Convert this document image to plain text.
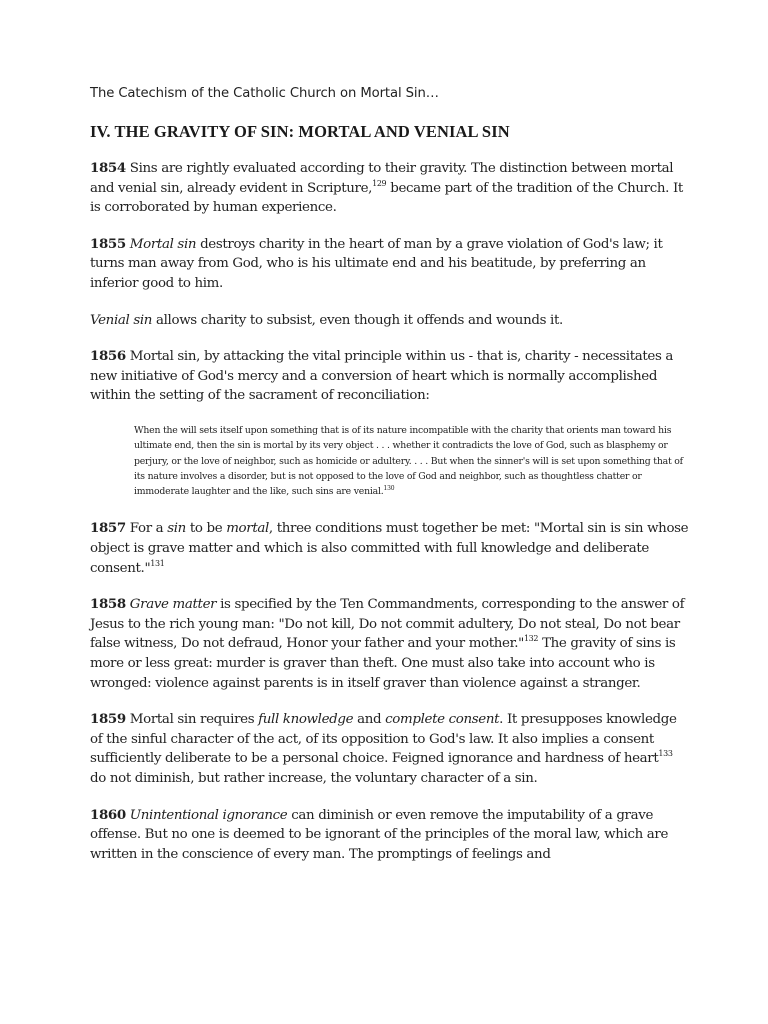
The Catechism of the Catholic Church on Mortal Sin…

IV. THE GRAVITY OF SIN: MORTAL AND VENIAL SIN

1854 Sins are rightly evaluated according to their gravity. The distinction between mortal and venial sin, already evident in Scripture,$^{129}$ became part of the tradition of the Church. It is corroborated by human experience.

1855 Mortal sin destroys charity in the heart of man by a grave violation of God's law; it turns man away from God, who is his ultimate end and his beatitude, by preferring an inferior good to him.

Venial sin allows charity to subsist, even though it offends and wounds it.

1856 Mortal sin, by attacking the vital principle within us - that is, charity - necessitates a new initiative of God's mercy and a conversion of heart which is normally accomplished within the setting of the sacrament of reconciliation:

When the will sets itself upon something that is of its nature incompatible with the charity that orients man toward his ultimate end, then the sin is mortal by its very object . . . whether it contradicts the love of God, such as blasphemy or perjury, or the love of neighbor, such as homicide or adultery. . . . But when the sinner's will is set upon something that of its nature involves a disorder, but is not opposed to the love of God and neighbor, such as thoughtless chatter or immoderate laughter and the like, such sins are venial.$^{130}$

1857 For a sin to be mortal, three conditions must together be met: "Mortal sin is sin whose object is grave matter and which is also committed with full knowledge and deliberate consent."$^{131}$

1858 Grave matter is specified by the Ten Commandments, corresponding to the answer of Jesus to the rich young man: "Do not kill, Do not commit adultery, Do not steal, Do not bear false witness, Do not defraud, Honor your father and your mother."$^{132}$ The gravity of sins is more or less great: murder is graver than theft. One must also take into account who is wronged: violence against parents is in itself graver than violence against a stranger.

1859 Mortal sin requires full knowledge and complete consent. It presupposes knowledge of the sinful character of the act, of its opposition to God's law. It also implies a consent sufficiently deliberate to be a personal choice. Feigned ignorance and hardness of heart$^{133}$ do not diminish, but rather increase, the voluntary character of a sin.

1860 Unintentional ignorance can diminish or even remove the imputability of a grave offense. But no one is deemed to be ignorant of the principles of the moral law, which are written in the conscience of every man. The promptings of feelings and
